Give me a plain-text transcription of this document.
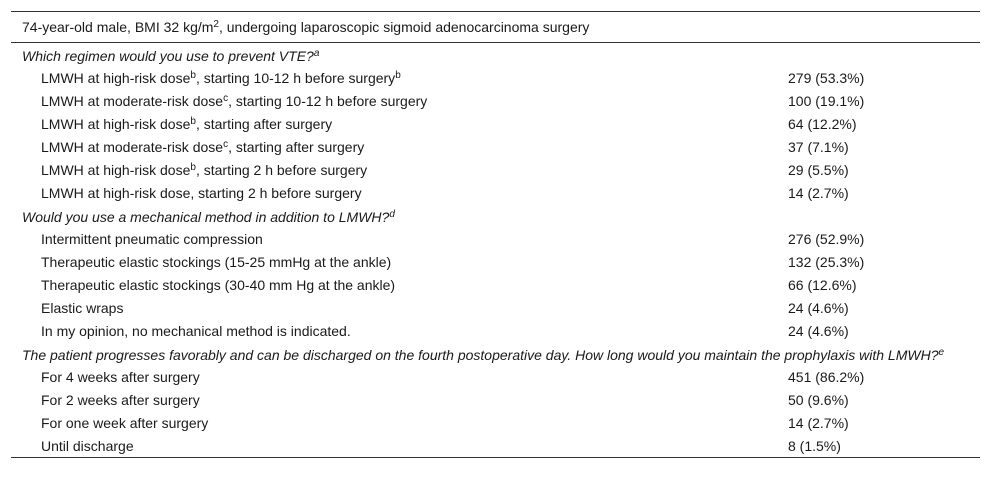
74-year-old male, BMI 32 $kg/m^2$, undergoing laparoscopic sigmoid adenocarcinoma surgery	
Which regimen would you use to prevent VTE?$^a$
LMWH at high-risk dose$^b$, starting 10-12 h before surgery$^b$	279 (53.3%)
LMWH at moderate-risk dose$^c$, starting 10-12 h before surgery	100 (19.1%)
LMWH at high-risk dose$^b$, starting after surgery	64 (12.2%)
LMWH at moderate-risk dose$^c$, starting after surgery	37 (7.1%)
LMWH at high-risk dose$^b$, starting 2 h before surgery	29 (5.5%)
LMWH at high-risk dose, starting 2 h before surgery	14 (2.7%)
Would you use a mechanical method in addition to LMWH?$^d$
Intermittent pneumatic compression	276 (52.9%)
Therapeutic elastic stockings (15-25 mmHg at the ankle)	132 (25.3%)
Therapeutic elastic stockings (30-40 mm Hg at the ankle)	66 (12.6%)
Elastic wraps	24 (4.6%)
In my opinion, no mechanical method is indicated.	24 (4.6%)
The patient progresses favorably and can be discharged on the fourth postoperative day. How long would you maintain the prophylaxis with LMWH?$^e$
For 4 weeks after surgery	451 (86.2%)
For 2 weeks after surgery	50 (9.6%)
For one week after surgery	14 (2.7%)
Until discharge	8 (1.5%)
